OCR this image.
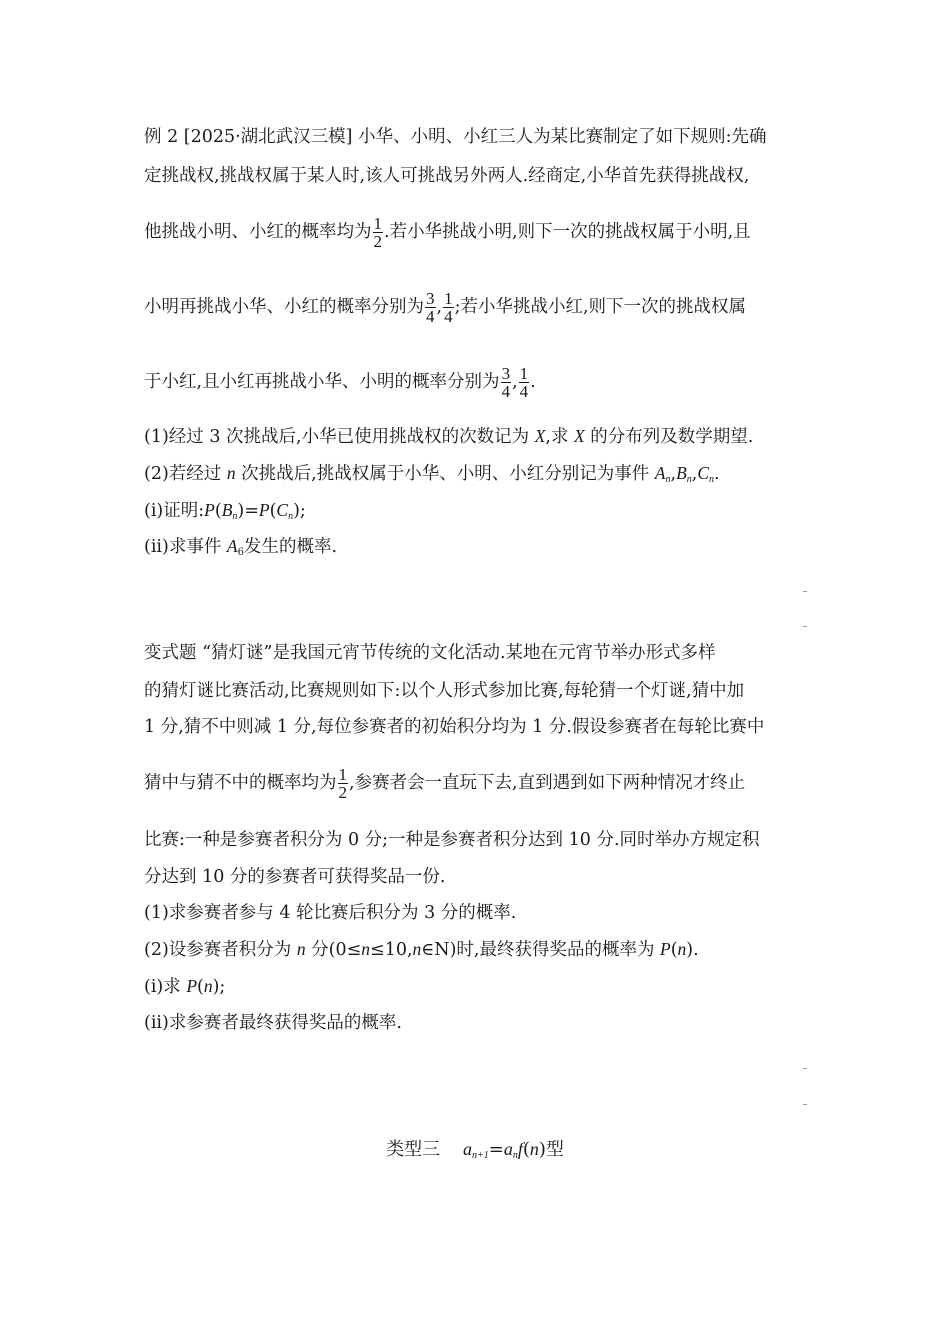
例 2 [2025·湖北武汉三模] 小华、小明、小红三人为某比赛制定了如下规则:先确
定挑战权,挑战权属于某人时,该人可挑战另外两人.经商定,小华首先获得挑战权,
他挑战小明、小红的概率均为 $\frac{1}{2}$ .若小华挑战小明,则下一次的挑战权属于小明,且
小明再挑战小华、小红的概率分别为 $\frac{3}{4}$ , $\frac{1}{4}$ ;若小华挑战小红,则下一次的挑战权属
于小红,且小红再挑战小华、小明的概率分别为 $\frac{3}{4}$ , $\frac{1}{4}$ .
(1)经过 3 次挑战后,小华已使用挑战权的次数记为 X,求 X 的分布列及数学期望.
(2)若经过 n 次挑战后,挑战权属于小华、小明、小红分别记为事件 $A_n,B_n,C_n$.
(i)证明$:P(B_n)=P(C_n)$;
(ii)求事件 $A_6$发生的概率.
变式题 “猜灯谜”是我国元宵节传统的文化活动.某地在元宵节举办形式多样
的猜灯谜比赛活动,比赛规则如下:以个人形式参加比赛,每轮猜一个灯谜,猜中加
1 分,猜不中则减 1 分,每位参赛者的初始积分均为 1 分.假设参赛者在每轮比赛中
猜中与猜不中的概率均为 $\frac{1}{2}$ ,参赛者会一直玩下去,直到遇到如下两种情况才终止
比赛:一种是参赛者积分为 0 分;一种是参赛者积分达到 10 分.同时举办方规定积
分达到 10 分的参赛者可获得奖品一份.
(1)求参赛者参与 4 轮比赛后积分为 3 分的概率.
(2)设参赛者积分为 n 分(0≤n≤10,n∈N)时,最终获得奖品的概率为 P(n).
(i)求 P(n);
(ii)求参赛者最终获得奖品的概率.
类型三 $a_{n+1}=a_nf(n)$型
